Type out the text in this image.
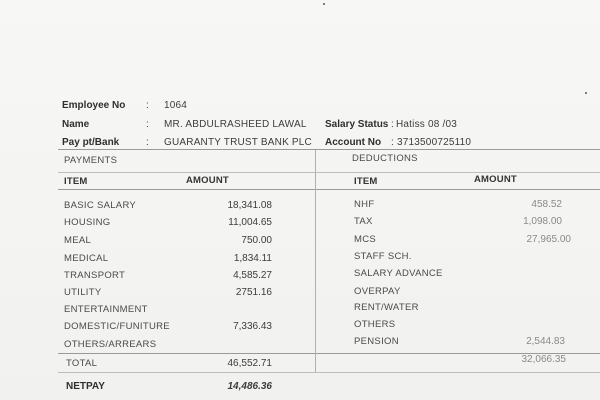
Employee No : 1064
Name	: MR. ABDULRASHEED LAWAL
Pay pt/Bank	: GUARANTY TRUST BANK PLC
Salary Status : Hatiss 08 /03
Account No : 3713500725110
PAYMENTS	DEDUCTIONS
ITEM	AMOUNT	ITEM	AMOUNT
BASIC SALARY	18,341.08
HOUSING	11,004.65
MEAL	750.00
MEDICAL	1,834.11
TRANSPORT	4,585.27
UTILITY	2751.16
ENTERTAINMENT
DOMESTIC/FUNITURE	7,336.43
OTHERS/ARREARS
NHF	458.52
TAX	1,098.00
MCS	27,965.00
STAFF SCH.
SALARY ADVANCE
OVERPAY
RENT/WATER
OTHERS
PENSION	2,544.83
TOTAL	46,552.71	32,066.35
NETPAY	14,486.36
